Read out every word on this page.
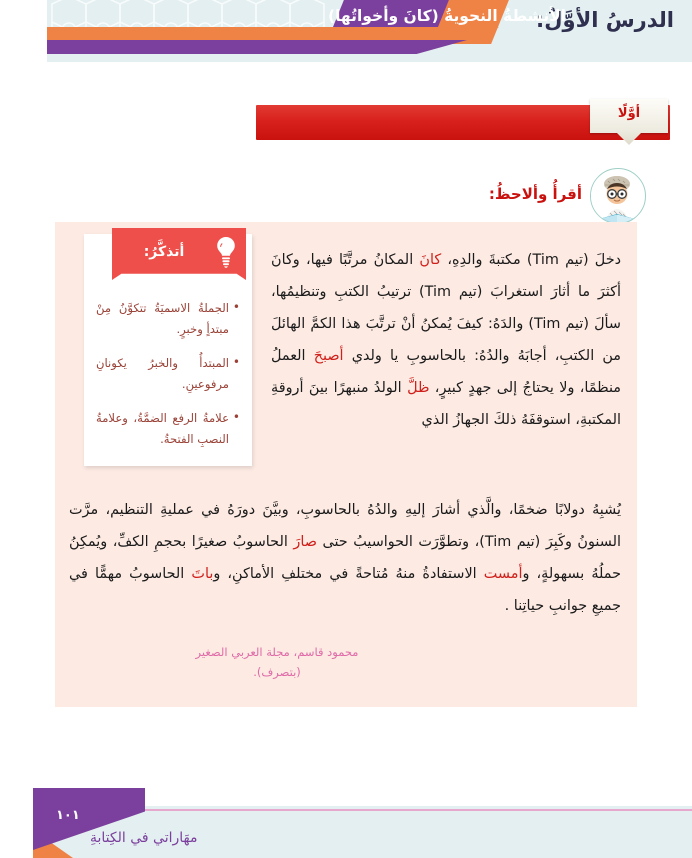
الدرسُ الأوَّلُ:
الأنشطةُ النحويةُ (كانَ وأخواتُها)
أوَّلًا
أقرأُ وألاحظُ:
دخلَ (تيم Tim) مكتبةَ والدِهِ، كانَ المكانُ مرتَّبًا فيها، وكانَ أكثرَ ما أثارَ استغرابَ (تيم Tim) ترتيبُ الكتبِ وتنظيمُها، سألَ (تيم Tim) والدَهُ: كيفَ يُمكنُ أنْ ترتَّبَ هذا الكمَّ الهائلَ من الكتبِ، أجابَهُ والدُهُ: بالحاسوبِ يا ولدي أصبحَ العملُ منظمًا، ولا يحتاجُ إلى جهدٍ كبيرٍ، ظلَّ الولدُ منبهرًا بينَ أروقةِ المكتبةِ، استوقفَهُ ذلكَ الجهازُ الذي
يُشبِهُ دولابًا ضخمًا، والَّذي أشارَ إليهِ والدُهُ بالحاسوبِ، وبيَّنَ دورَهُ في عمليةِ التنظيم، مرَّت السنونُ وكَبِرَ (تيم Tim)، وتطوَّرَت الحواسيبُ حتى صارَ الحاسوبُ صغيرًا بحجمِ الكفِّ، ويُمكِنُ حملُهُ بسهولةٍ، وأمست الاستفادةُ منهُ مُتاحةً في مختلفِ الأماكنِ، وباتَ الحاسوبُ مهمًّا في جميعِ جوانبِ حياتِنا .
محمود قاسم، مجلة العربي الصغير
(بتصرف).
أتذكَّرُ:
• الجملةُ الاسميَةُ تتكوَّنُ مِنْ مبتدأٍ وخبرٍ.
• المبتدأُ والخبرُ يكونانِ مرفوعينِ.
• علامةُ الرفع الضمَّةُ، وعلامةُ النصبِ الفتحةُ.
١٠١
مهَاراتي في الكِتابةِ
